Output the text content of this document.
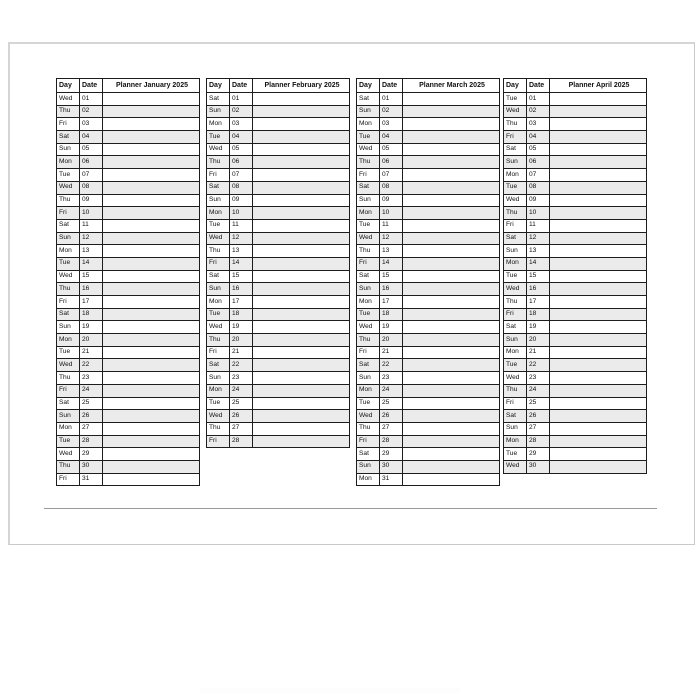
Day	Date	Planner January 2025
Wed	01	
Thu	02	
Fri	03	
Sat	04	
Sun	05	
Mon	06	
Tue	07	
Wed	08	
Thu	09	
Fri	10	
Sat	11	
Sun	12	
Mon	13	
Tue	14	
Wed	15	
Thu	16	
Fri	17	
Sat	18	
Sun	19	
Mon	20	
Tue	21	
Wed	22	
Thu	23	
Fri	24	
Sat	25	
Sun	26	
Mon	27	
Tue	28	
Wed	29	
Thu	30	
Fri	31	
Day	Date	Planner February 2025
Sat	01	
Sun	02	
Mon	03	
Tue	04	
Wed	05	
Thu	06	
Fri	07	
Sat	08	
Sun	09	
Mon	10	
Tue	11	
Wed	12	
Thu	13	
Fri	14	
Sat	15	
Sun	16	
Mon	17	
Tue	18	
Wed	19	
Thu	20	
Fri	21	
Sat	22	
Sun	23	
Mon	24	
Tue	25	
Wed	26	
Thu	27	
Fri	28	
Day	Date	Planner March 2025
Sat	01	
Sun	02	
Mon	03	
Tue	04	
Wed	05	
Thu	06	
Fri	07	
Sat	08	
Sun	09	
Mon	10	
Tue	11	
Wed	12	
Thu	13	
Fri	14	
Sat	15	
Sun	16	
Mon	17	
Tue	18	
Wed	19	
Thu	20	
Fri	21	
Sat	22	
Sun	23	
Mon	24	
Tue	25	
Wed	26	
Thu	27	
Fri	28	
Sat	29	
Sun	30	
Mon	31	
Day	Date	Planner April 2025
Tue	01	
Wed	02	
Thu	03	
Fri	04	
Sat	05	
Sun	06	
Mon	07	
Tue	08	
Wed	09	
Thu	10	
Fri	11	
Sat	12	
Sun	13	
Mon	14	
Tue	15	
Wed	16	
Thu	17	
Fri	18	
Sat	19	
Sun	20	
Mon	21	
Tue	22	
Wed	23	
Thu	24	
Fri	25	
Sat	26	
Sun	27	
Mon	28	
Tue	29	
Wed	30	
